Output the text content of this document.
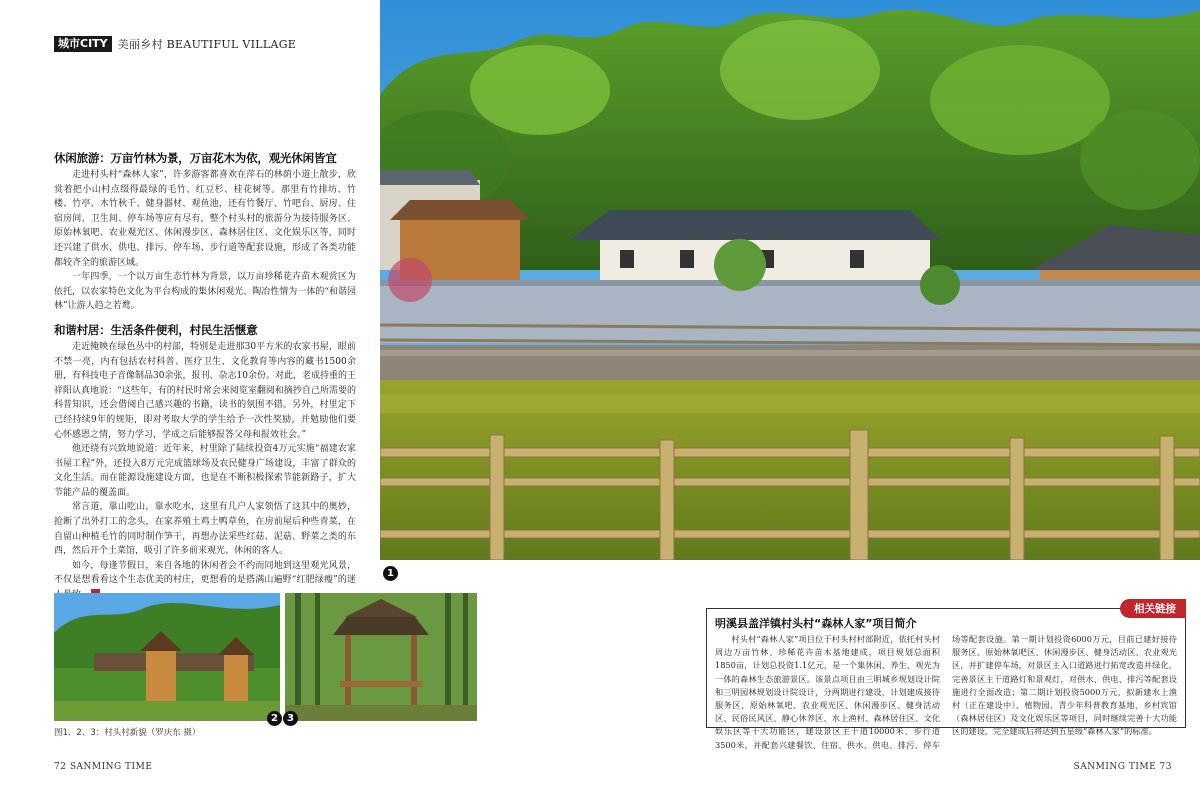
城市CITY 美丽乡村 BEAUTIFUL VILLAGE
休闲旅游：万亩竹林为景，万亩花木为依，观光休闲皆宜

走进村头村“森林人家”，许多游客都喜欢在萍石的林荫小道上散步，欣赏着把小山村点缀得最绿的毛竹、红豆杉、桂花树等。那里有竹排坊、竹楼、竹亭、木竹秋千、健身器材、观鱼池，还有竹餐厅、竹吧台、厨房、住宿房间、卫生间、停车场等应有尽有，整个村头村的旅游分为接待服务区、原始林氧吧、农业观光区、休闲漫步区、森林居住区、文化娱乐区等，同时还兴建了供水、供电、排污、停车场、步行道等配套设施，形成了各类功能都较齐全的旅游区域。

一年四季，一个以万亩生态竹林为背景，以万亩珍稀花卉苗木观赏区为依托，以农家特色文化为平台构成的集休闲观光、陶冶性情为一体的“和谐园林”让游人趋之若鹜。

和谐村居：生活条件便利，村民生活惬意

走近掩映在绿色丛中的村部，特别是走进那30平方米的农家书屋，眼前不禁一亮，内有包括农村科普、医疗卫生、文化教育等内容的藏书1500余册，有科技电子音像制品30余张，报刊、杂志10余份。对此，老成持重的王祥阳认真地说：“这些年，有的村民时常会来阅览室翻阅和摘抄自己所需要的科普知识，还会借阅自己感兴趣的书籍，读书的氛围不错。另外，村里定下已经持续9年的规矩，即对考取大学的学生给予一次性奖励，并勉励他们要心怀感恩之情，努力学习，学成之后能够报答父母和报效社会。”

他还绕有兴致地说道：近年来，村里除了陆续投资4万元实施“福建农家书屋工程”外，还投入8万元完成篮球场及农民健身广场建设，丰富了群众的文化生活。而在能源设施建设方面，也是在不断积极探索节能新路子，扩大节能产品的覆盖面。

常言道，靠山吃山，靠水吃水，这里有几户人家领悟了这其中的奥妙，抢断了出外打工的念头，在家养殖土鸡土鸭草鱼，在房前屋后种些青菜，在自留山种植毛竹的同时制作笋干，再想办法采些红菇、泥菇、野菜之类的东西，然后开个土菜馆，吸引了许多前来观光、休闲的客人。

如今，每逢节假日，来自各地的休闲者会不约而同地到这里观光风景，不仅是想看看这个生态优美的村庄，更想看的是搭满山遍野“红肥绿瘦”的迷

1
2 3
图1、2、3：村头村新貌（罗庆东 摄）
相关链接
明溪县盖洋镇村头村“森林人家”项目简介

村头村“森林人家”项目位于村头村村部附近，依托村头村周边万亩竹林、珍稀花卉苗木基地建成，项目规划总面积1850亩，计划总投资1.1亿元，是一个集休闲、养生、观光为一体的森林生态旅游景区。该景点项目由三明城乡规划设计院和三明园林规划设计院设计，分两期进行建设，计划建成接待服务区、原始林氧吧、农业观光区、休闲漫步区、健身活动区、民俗民风区、静心休养区、水上渔村、森林居住区、文化娱乐区等十大功能区，建设景区主干道10000米、步行道3500米，并配套兴建餐饮、住宿、供水、供电、排污、停车场等配套设施。第一期计划投资6000万元，目前已建好接待服务区、原始林氧吧区、休闲漫步区、健身活动区、农业观光区，并扩建停车场，对景区主入口道路进行拓宽改造并绿化，完善景区主干道路灯和景观灯，对供水、供电、排污等配套设施进行全面改造；第二期计划投资5000万元，拟新建水上渔村（正在建设中）、植物园、青少年科普教育基地、乡村宾馆（森林居住区）及文化娱乐区等项目，同时继续完善十大功能区的建设，完全建成后将达到五星级“森林人家”的标准。

72 SANMING TIME	SANMING TIME 73
